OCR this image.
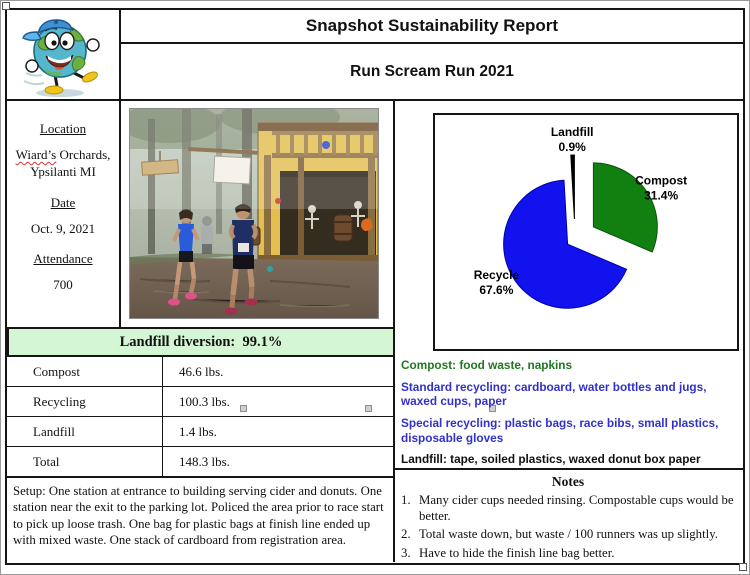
Snapshot Sustainability Report
Run Scream Run 2021
Location
Wiard’s Orchards, Ypsilanti MI
Date
Oct. 9, 2021
Attendance
700
Compost 31.4%
Recycle 67.6%
Landfill 0.9%
Compost: food waste, napkins
Standard recycling: cardboard, water bottles and jugs, waxed cups, paper
Special recycling: plastic bags, race bibs, small plastics, disposable gloves
Landfill: tape, soiled plastics, waxed donut box paper
Notes
1. Many cider cups needed rinsing. Compostable cups would be better.
2. Total waste down, but waste / 100 runners was up slightly.
3. Have to hide the finish line bag better.
Landfill diversion:  99.1%
Compost	46.6 lbs.
Recycling	100.3 lbs.
Landfill	1.4 lbs.
Total	148.3 lbs.
Setup: One station at entrance to building serving cider and donuts. One station near the exit to the parking lot. Policed the area prior to race start to pick up loose trash. One bag for plastic bags at finish line ended up with mixed waste. One stack of cardboard from registration area.
